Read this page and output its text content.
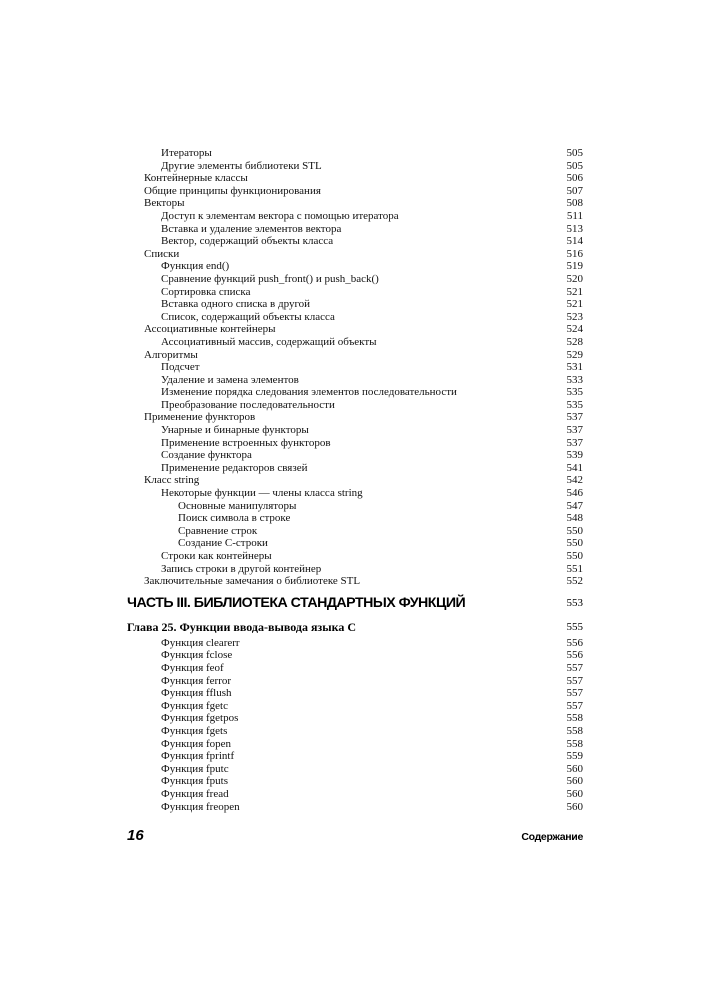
Итераторы	505
Другие элементы библиотеки STL	505
Контейнерные классы	506
Общие принципы функционирования	507
Векторы	508
Доступ к элементам вектора с помощью итератора	511
Вставка и удаление элементов вектора	513
Вектор, содержащий объекты класса	514
Списки	516
Функция end()	519
Сравнение функций push_front() и push_back()	520
Сортировка списка	521
Вставка одного списка в другой	521
Список, содержащий объекты класса	523
Ассоциативные контейнеры	524
Ассоциативный массив, содержащий объекты	528
Алгоритмы	529
Подсчет	531
Удаление и замена элементов	533
Изменение порядка следования элементов последовательности	535
Преобразование последовательности	535
Применение функторов	537
Унарные и бинарные функторы	537
Применение встроенных функторов	537
Создание функтора	539
Применение редакторов связей	541
Класс string	542
Некоторые функции — члены класса string	546
Основные манипуляторы	547
Поиск символа в строке	548
Сравнение строк	550
Создание С-строки	550
Строки как контейнеры	550
Запись строки в другой контейнер	551
Заключительные замечания о библиотеке STL	552
ЧАСТЬ III. БИБЛИОТЕКА СТАНДАРТНЫХ ФУНКЦИЙ	553
Глава 25. Функции ввода-вывода языка С	555
Функция clearerr	556
Функция fclose	556
Функция feof	557
Функция ferror	557
Функция fflush	557
Функция fgetc	557
Функция fgetpos	558
Функция fgets	558
Функция fopen	558
Функция fprintf	559
Функция fputc	560
Функция fputs	560
Функция fread	560
Функция freopen	560
16	Содержание
